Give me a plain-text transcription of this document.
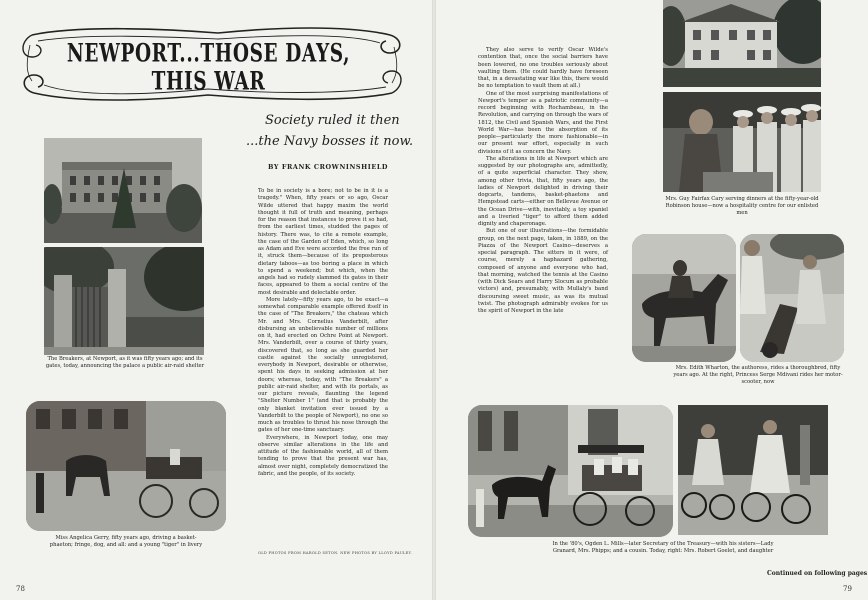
NEWPORT...THOSE DAYS, THIS WAR
Society ruled it then
...the Navy bosses it now.
BY FRANK CROWNINSHIELD
The Breakers, at Newport, as it was fifty years ago; and its gates, today, announcing the palace a public air-raid shelter
Miss Angelica Gerry, fifty years ago, driving a basket-phaeton; fringe, dog, and all: and a young "tiger" in livery

To be in society is a bore; not to be in it is a tragedy." When, fifty years or so ago, Oscar Wilde uttered that happy maxim the world thought it full of truth and meaning, perhaps for the reason that instances to prove it so had, from the earliest times, studded the pages of history. There was, to cite a remote example, the case of the Garden of Eden, which, so long as Adam and Eve were accorded the free run of it, struck them—because of its preposterous dietary taboos—as too boring a place in which to spend a weekend; but which, when the angels had so rudely slammed its gates in their faces, appeared to them a social centre of the most desirable and delectable order.

More lately—fifty years ago, to be exact—a somewhat comparable example offered itself in the case of "The Breakers," the chateau which Mr. and Mrs. Cornelius Vanderbilt, after disbursing an unbelievable number of millions on it, had erected on Ochre Point at Newport. Mrs. Vanderbilt, over a course of thirty years, discovered that, so long as she guarded her castle against the socially unregistered, everybody in Newport, desirable or otherwise, spent his days in seeking admission at her doors; whereas, today, with "The Breakers" a public air-raid shelter, and with its portals, as our picture reveals, flaunting the legend "Shelter Number 1" (and that is probably the only blanket invitation ever issued by a Vanderbilt to the people of Newport), no one so much as troubles to thrust his nose through the gates of her one-time sanctuary.

Everywhere, in Newport today, one may observe similar alterations in the life and attitude of the fashionable world, all of them tending to prove that the present war has, almost over night, completely democratized the fabric, and the people, of its society.

OLD PHOTOS FROM HAROLD SETON. NEW PHOTOS BY LLOYD PAULEY.

They also serve to verify Oscar Wilde's contention that, once the social barriers have been lowered, no one troubles seriously about vaulting them. (He could hardly have foreseen that, in a devastating war like this, there would be no temptation to vault them at all.)

One of the most surprising manifestations of Newport's temper as a patriotic community—a record beginning with Rochambeau, in the Revolution, and carrying on through the wars of 1812, the Civil and Spanish Wars, and the First World War—has been the absorption of its people—particularly the more fashionable—in our present war effort, especially in such divisions of it as concern the Navy.

The alterations in life at Newport which are suggested by our photographs are, admittedly, of a quite superficial character. They show, among other trivia, that, fifty years ago, the ladies of Newport delighted in driving their dogcarts, tandems, basket-phaetons and Hempstead carts—either on Bellevue Avenue or the Ocean Drive—with, inevitably, a toy spaniel and a liveried "tiger" to afford them added dignity and chaperonage.

But one of our illustrations—the formidable group, on the next page, taken, in 1889, on the Piazza of the Newport Casino—deserves a special paragraph. The sitters in it were, of course, merely a haphazard gathering, composed of anyone and everyone who had, that morning, watched the tennis at the Casino (with Dick Sears and Harry Slocum as probable victors) and, presumably, with Mullaly's band discoursing sweet music, as was its mutual twist. The photograph admirably evokes for us the spirit of Newport in the late

Mrs. Guy Fairfax Cary serving dinners at the fifty-year-old Robinson house—now a hospitality centre for our enlisted men
Mrs. Edith Wharton, the authoress, rides a thoroughbred, fifty years ago. At the right, Princess Serge Mdivani rides her motor-scooter, now
In the '80's, Ogden L. Mills—later Secretary of the Treasury—with his sisters—Lady Granard, Mrs. Phipps; and a cousin. Today, right: Mrs. Robert Goelet, and daughter
Continued on following pages
78	79
